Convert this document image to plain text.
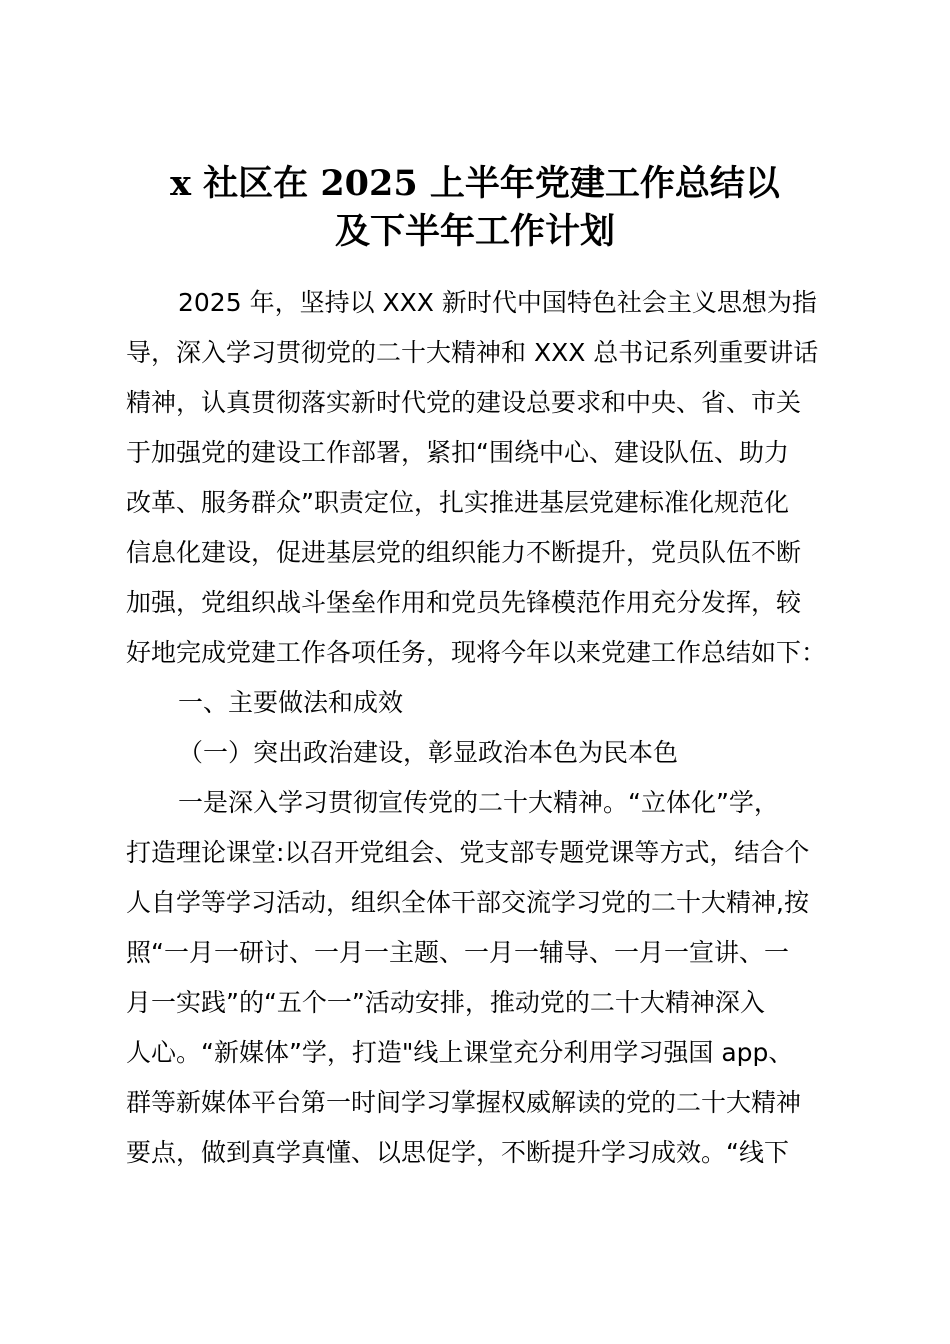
x 社区在 2025 上半年党建工作总结以
及下半年工作计划

2025 年，坚持以 XXX 新时代中国特色社会主义思想为指

导，深入学习贯彻党的二十大精神和 XXX 总书记系列重要讲话

精神，认真贯彻落实新时代党的建设总要求和中央、省、市关

于加强党的建设工作部署，紧扣“围绕中心、建设队伍、助力

改革、服务群众”职责定位，扎实推进基层党建标准化规范化

信息化建设，促进基层党的组织能力不断提升，党员队伍不断

加强，党组织战斗堡垒作用和党员先锋模范作用充分发挥，较

好地完成党建工作各项任务，现将今年以来党建工作总结如下：

一、主要做法和成效

（一）突出政治建设，彰显政治本色为民本色

一是深入学习贯彻宣传党的二十大精神。“立体化”学，

打造理论课堂:以召开党组会、党支部专题党课等方式，结合个

人自学等学习活动，组织全体干部交流学习党的二十大精神,按

照“一月一研讨、一月一主题、一月一辅导、一月一宣讲、一

月一实践”的“五个一”活动安排，推动党的二十大精神深入

人心。“新媒体”学，打造"线上课堂充分利用学习强国 app、

群等新媒体平台第一时间学习掌握权威解读的党的二十大精神

要点，做到真学真懂、以思促学，不断提升学习成效。“线下
